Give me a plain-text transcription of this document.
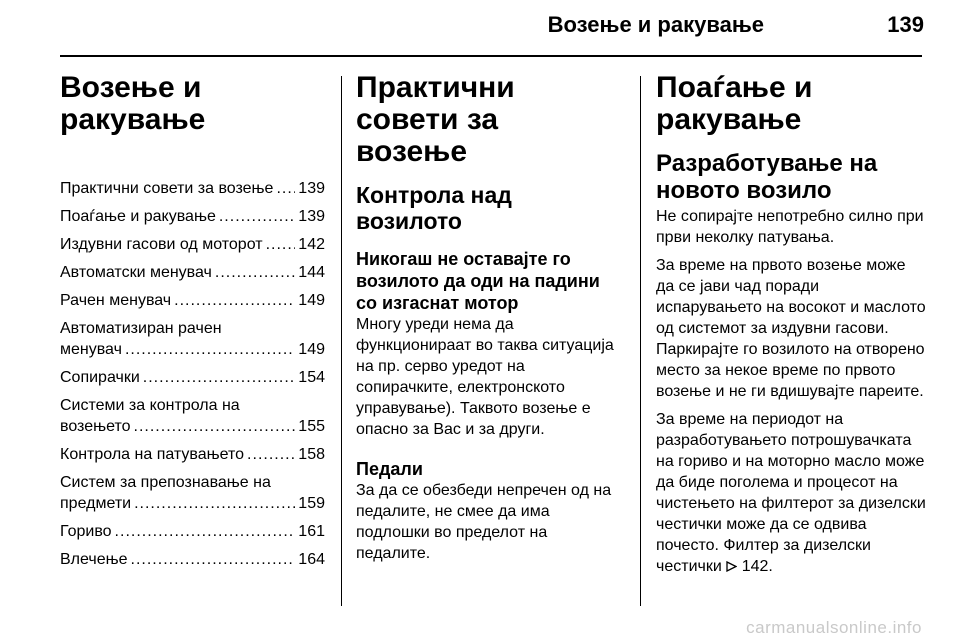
Возење и ракување	139
Возење и ракување
Практични совети за возење ..... 139
Поаѓање и ракување .....	139
Издувни гасови од моторот ..... 142
Автоматски менувач .....	144
Рачен менувач .....	149
Автоматизиран рачен
менувач .....	149
Сопирачки .....	154
Системи за контрола на
возењето .....	155
Контрола на патувањето .....	158
Систем за препознавање на
предмети .....	159
Гориво .....	161
Влечење .....	164
Практични совети за возење
Контрола над возилото
Никогаш не оставајте го возилото да оди на падини со изгаснат мотор
Многу уреди нема да функционираат во таква ситуација на пр. серво уредот на сопирачките, електронското управување). Таквото возење е опасно за Вас и за други.
Педали
За да се обезбеди непречен од на педалите, не смее да има подлошки во пределот на педалите.
Поаѓање и ракување
Разработување на новото возило
Не сопирајте непотребно силно при први неколку патувања.
За време на првото возење може да се јави чад поради испарувањето на восокот и маслото од системот за издувни гасови. Паркирајте го возилото на отворено место за некое време по првото возење и не ги вдишувајте пареите.
За време на периодот на разработувањето потрошувачката на гориво и на моторно масло може да биде поголема и процесот на чистењето на филтерот за дизелски честички може да се одвива почесто. Филтер за дизелски честички 142.
carmanualsonline.info
